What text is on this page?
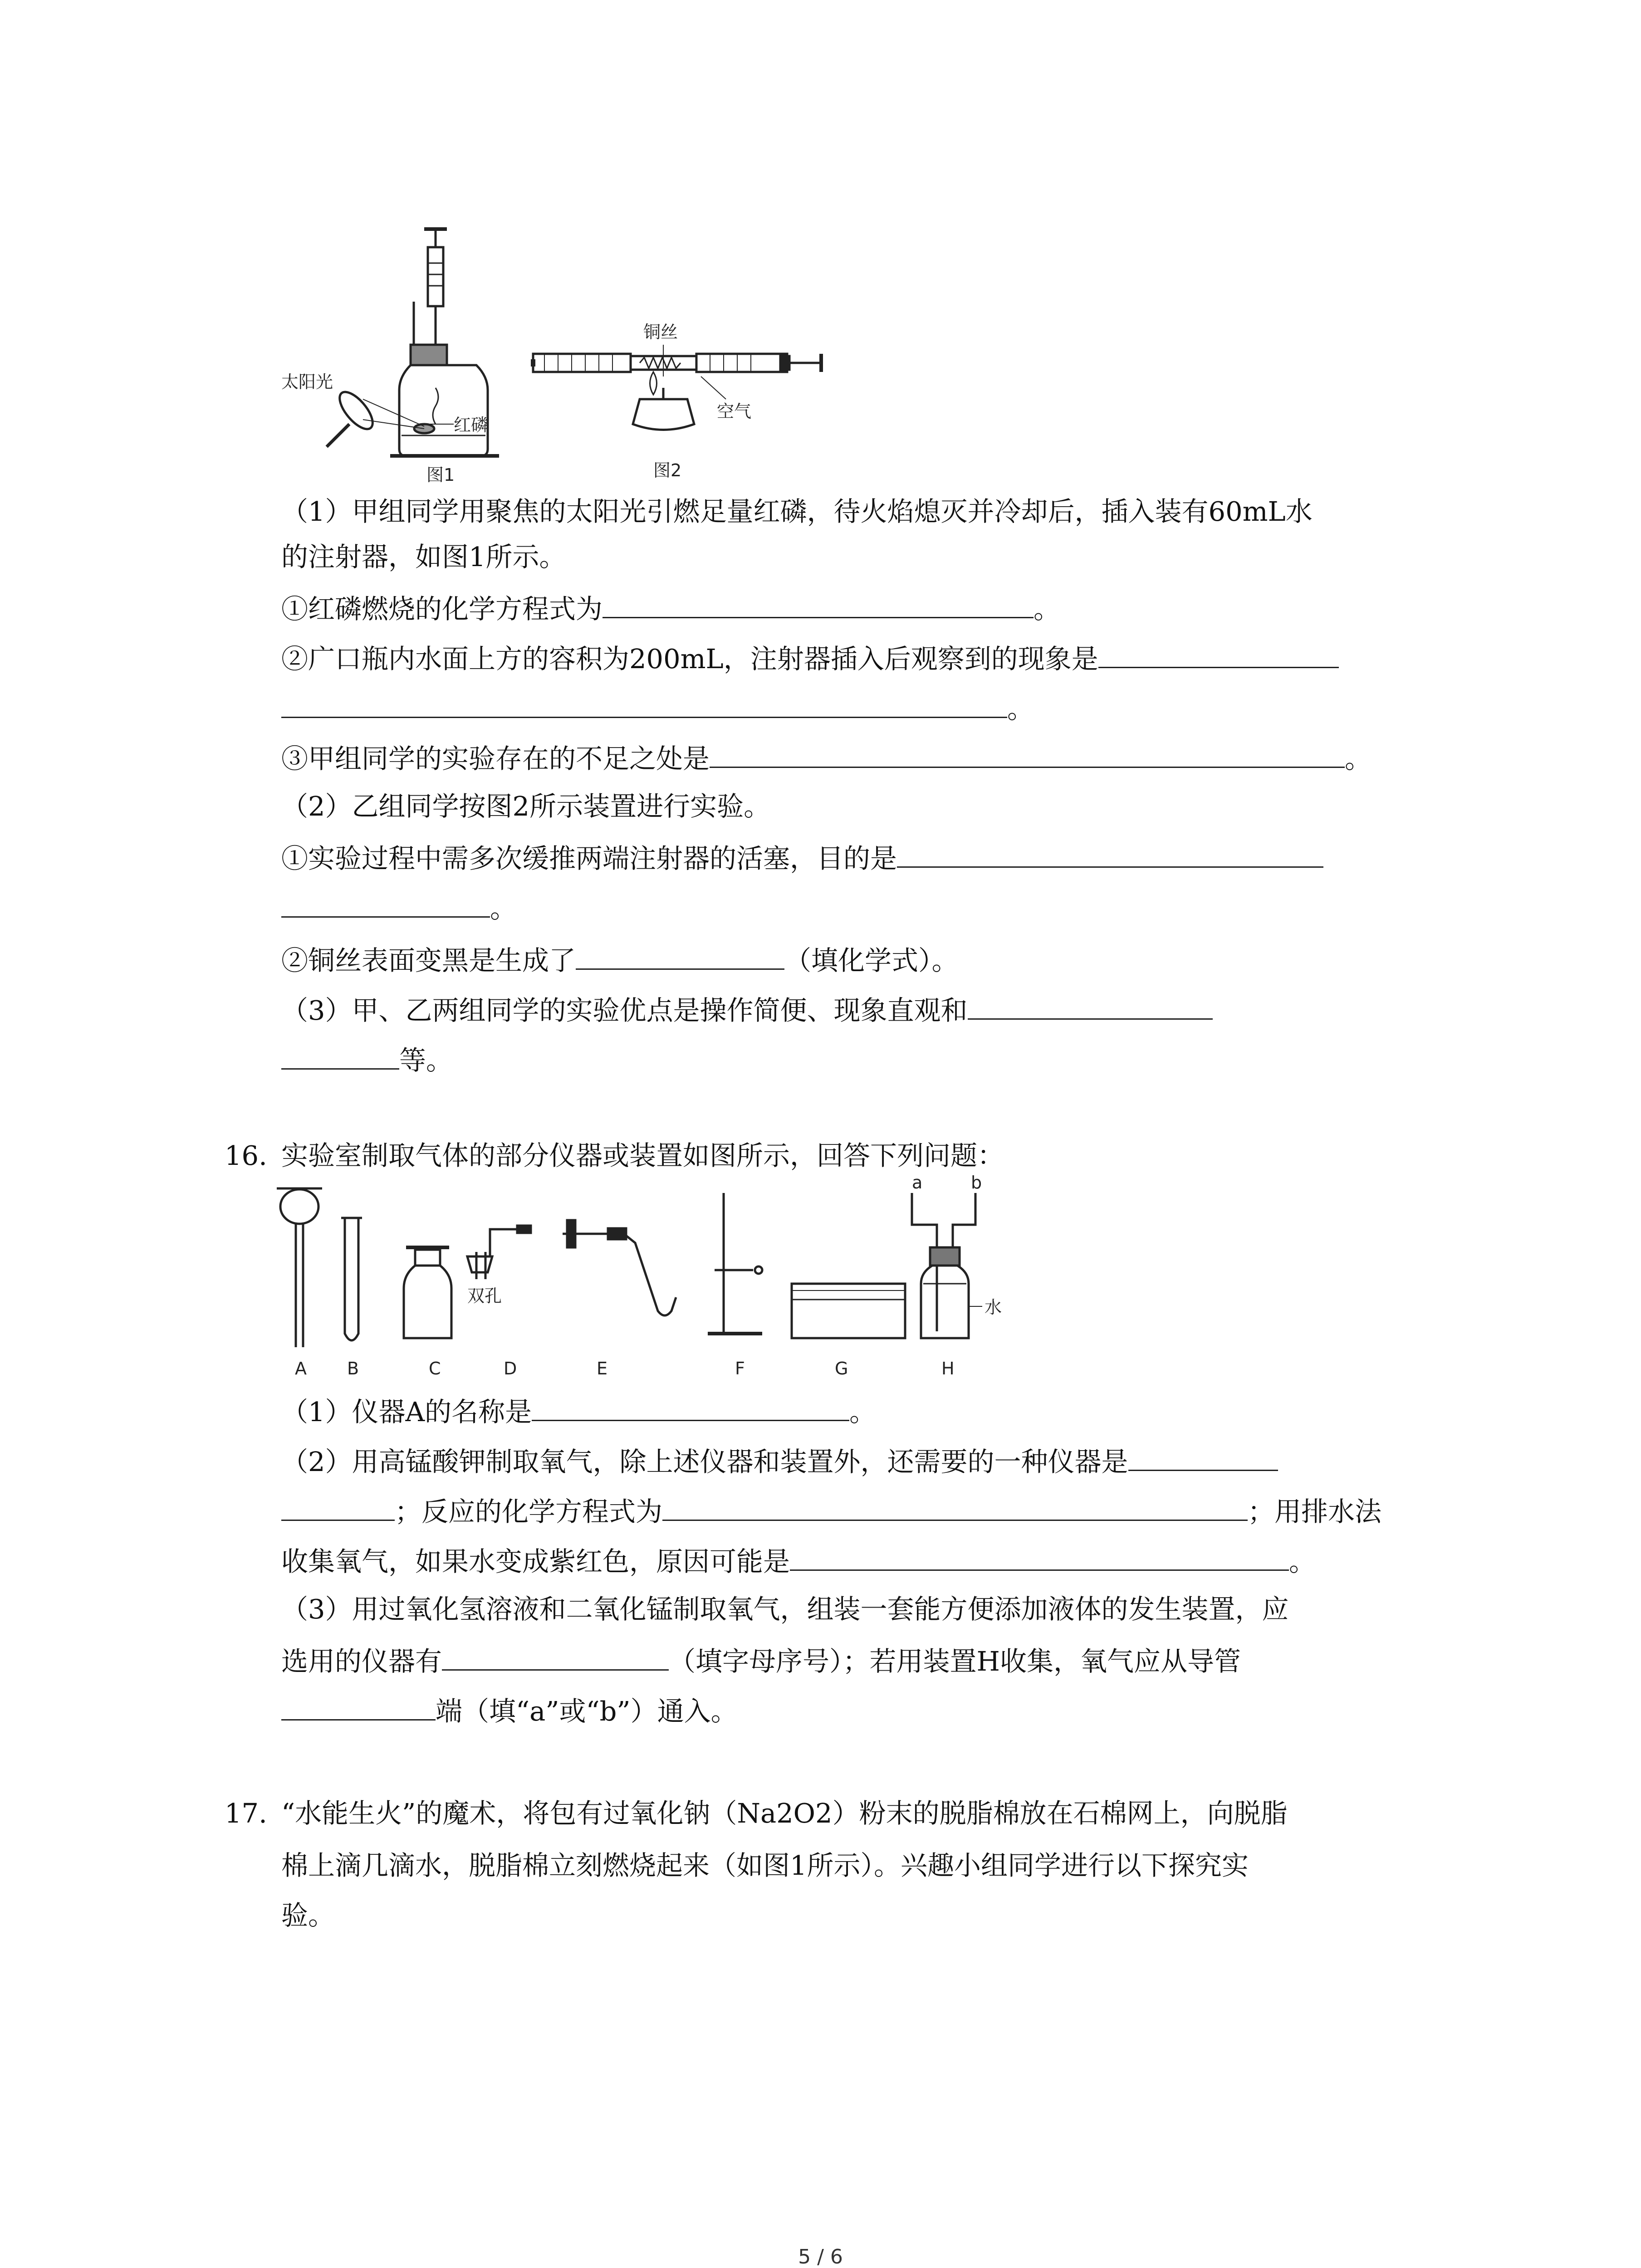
太阳光
红磷
图1
铜丝
空气
图2
（1）甲组同学用聚焦的太阳光引燃足量红磷，待火焰熄灭并冷却后，插入装有60mL水
的注射器，如图1所示。
①红磷燃烧的化学方程式为	。
②广口瓶内水面上方的容积为200mL，注射器插入后观察到的现象是
。
③甲组同学的实验存在的不足之处是	。
（2）乙组同学按图2所示装置进行实验。
①实验过程中需多次缓推两端注射器的活塞，目的是
。
②铜丝表面变黑是生成了	（填化学式）。
（3）甲、乙两组同学的实验优点是操作简便、现象直观和
等。
16. 实验室制取气体的部分仪器或装置如图所示，回答下列问题：
a	b
双孔
水
A B	C	D	E	F	G	H
（1）仪器A的名称是	。
（2）用高锰酸钾制取氧气，除上述仪器和装置外，还需要的一种仪器是
；反应的化学方程式为	；用排水法
收集氧气，如果水变成紫红色，原因可能是	。
（3）用过氧化氢溶液和二氧化锰制取氧气，组装一套能方便添加液体的发生装置，应
选用的仪器有	（填字母序号）；若用装置H收集，氧气应从导管
端（填“a”或“b”）通入。
17. “水能生火”的魔术，将包有过氧化钠（Na2O2）粉末的脱脂棉放在石棉网上，向脱脂
棉上滴几滴水，脱脂棉立刻燃烧起来（如图1所示）。兴趣小组同学进行以下探究实
验。
5 / 6
